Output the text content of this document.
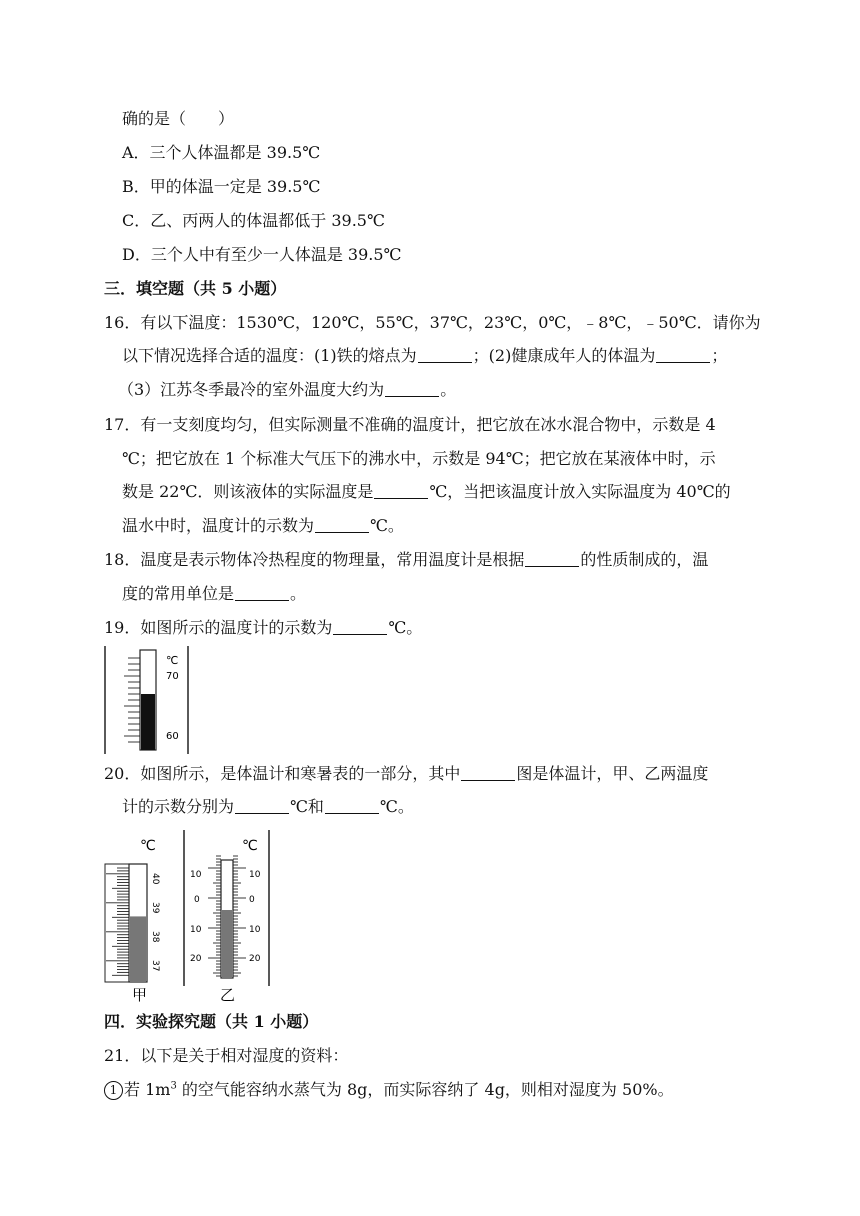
确的是（　　）
A．三个人体温都是 39.5℃
B．甲的体温一定是 39.5℃
C．乙、丙两人的体温都低于 39.5℃
D．三个人中有至少一人体温是 39.5℃
三．填空题（共 5 小题）
16．有以下温度：1530℃，120℃，55℃，37℃，23℃，0℃，﹣8℃，﹣50℃．请你为
以下情况选择合适的温度：(1)铁的熔点为	；(2)健康成年人的体温为	；
（3）江苏冬季最冷的室外温度大约为	。
17．有一支刻度均匀，但实际测量不准确的温度计，把它放在冰水混合物中，示数是 4
℃；把它放在 1 个标准大气压下的沸水中，示数是 94℃；把它放在某液体中时，示
数是 22℃．则该液体的实际温度是	℃，当把该温度计放入实际温度为 40℃的
温水中时，温度计的示数为	℃。
18．温度是表示物体冷热程度的物理量，常用温度计是根据	的性质制成的，温
度的常用单位是	。
19．如图所示的温度计的示数为	℃。
℃
70
60
20．如图所示，是体温计和寒暑表的一部分，其中	图是体温计，甲、乙两温度
计的示数分别为	℃和	℃。
℃
40
39
38
37
甲
℃
10
0
10
20
10
0
10
20
乙
四．实验探究题（共 1 小题）
21．以下是关于相对湿度的资料：
1 若 $1m^3$ 的空气能容纳水蒸气为 8g，而实际容纳了 4g，则相对湿度为 50%。
